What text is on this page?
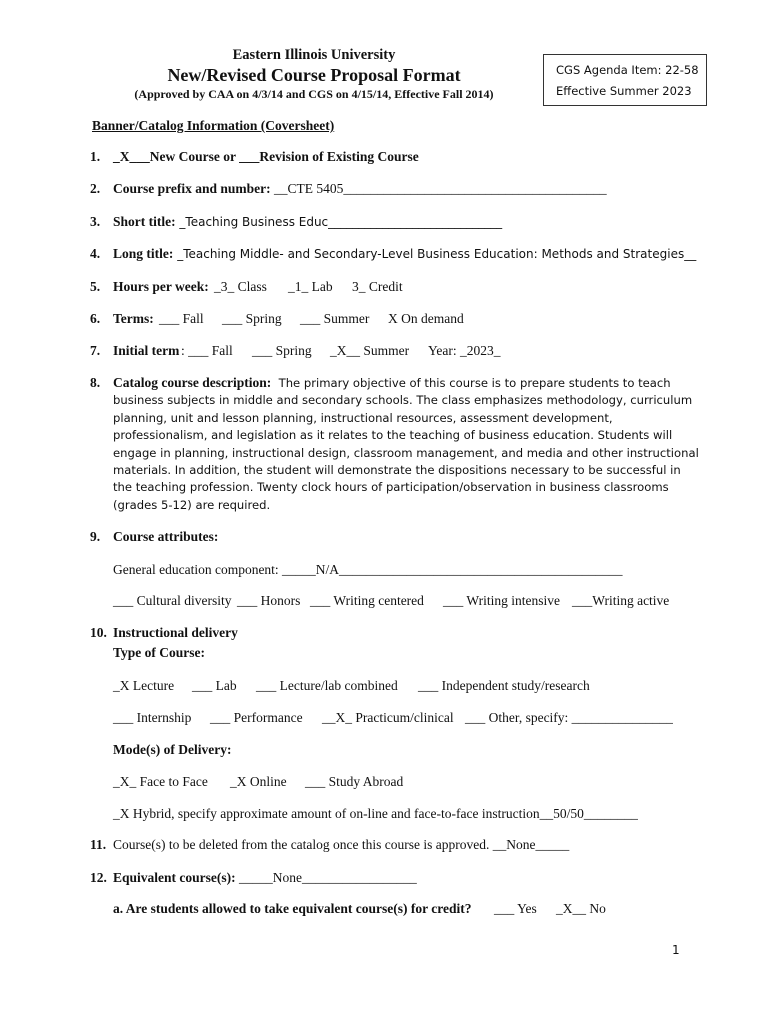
Eastern Illinois University
New/Revised Course Proposal Format
(Approved by CAA on 4/3/14 and CGS on 4/15/14, Effective Fall 2014)
CGS Agenda Item: 22-58
Effective Summer 2023
Banner/Catalog Information (Coversheet)
1. _X___New Course or ___Revision of Existing Course
2. Course prefix and number: __CTE 5405_______________________________________
3. Short title: _Teaching Business Educ_____________________________
4. Long title: _Teaching Middle- and Secondary-Level Business Education: Methods and Strategies__
5. Hours per week: _3_ Class _1_ Lab 3_ Credit
6. Terms: ___ Fall ___ Spring ___ Summer X On demand
7. Initial term : ___ Fall ___ Spring _X__ Summer Year: _2023_
8. Catalog course description: The primary objective of this course is to prepare students to teach
business subjects in middle and secondary schools. The class emphasizes methodology, curriculum
planning, unit and lesson planning, instructional resources, assessment development,
professionalism, and legislation as it relates to the teaching of business education. Students will
engage in planning, instructional design, classroom management, and media and other instructional
materials. In addition, the student will demonstrate the dispositions necessary to be successful in
the teaching profession. Twenty clock hours of participation/observation in business classrooms
(grades 5-12) are required.
9. Course attributes:
General education component: _____N/A__________________________________________
___ Cultural diversity ___ Honors ___ Writing centered ___ Writing intensive ___Writing active
10. Instructional delivery
Type of Course:
_X Lecture ___ Lab ___ Lecture/lab combined ___ Independent study/research
___ Internship ___ Performance __X_ Practicum/clinical ___ Other, specify: _______________
Mode(s) of Delivery:
_X_ Face to Face _X Online ___ Study Abroad
_X Hybrid, specify approximate amount of on-line and face-to-face instruction__50/50________
11. Course(s) to be deleted from the catalog once this course is approved. __None_____
12. Equivalent course(s): _____None_________________
a. Are students allowed to take equivalent course(s) for credit? ___ Yes _X__ No
1
